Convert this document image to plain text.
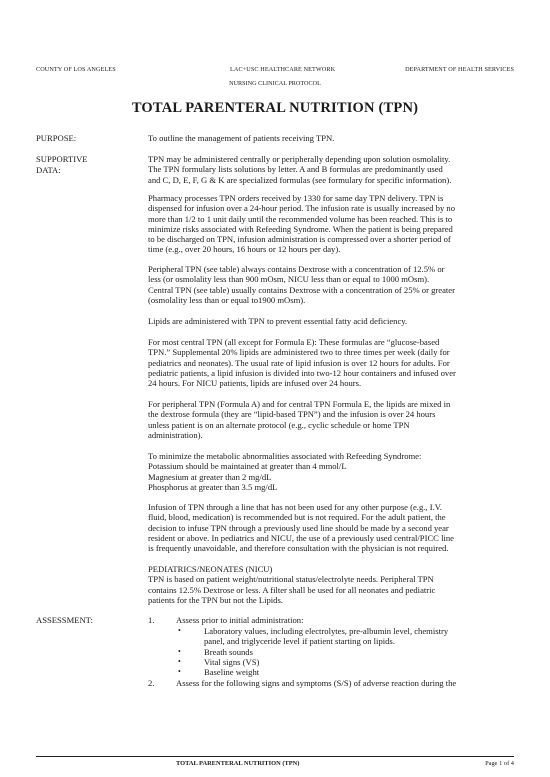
COUNTY OF LOS ANGELES	LAC+USC HEALTHCARE NETWORK	DEPARTMENT OF HEALTH SERVICES
NURSING CLINICAL PROTOCOL
TOTAL PARENTERAL NUTRITION (TPN)
PURPOSE:	To outline the management of patients receiving TPN.

SUPPORTIVE
DATA:

TPN may be administered centrally or peripherally depending upon solution osmolality.

The TPN formulary lists solutions by letter. A and B formulas are predominantly used

and C, D, E, F, G & K are specialized formulas (see formulary for specific information).

Pharmacy processes TPN orders received by 1330 for same day TPN delivery. TPN is

dispensed for infusion over a 24-hour period. The infusion rate is usually increased by no

more than 1/2 to 1 unit daily until the recommended volume has been reached. This is to

minimize risks associated with Refeeding Syndrome. When the patient is being prepared

to be discharged on TPN, infusion administration is compressed over a shorter period of

time (e.g., over 20 hours, 16 hours or 12 hours per day).

Peripheral TPN (see table) always contains Dextrose with a concentration of 12.5% or

less (or osmolality less than 900 mOsm, NICU less than or equal to 1000 mOsm).

Central TPN (see table) usually contains Dextrose with a concentration of 25% or greater

(osmolality less than or equal to1900 mOsm).

Lipids are administered with TPN to prevent essential fatty acid deficiency.

For most central TPN (all except for Formula E): These formulas are “glucose-based

TPN.” Supplemental 20% lipids are administered two to three times per week (daily for

pediatrics and neonates). The usual rate of lipid infusion is over 12 hours for adults. For

pediatric patients, a lipid infusion is divided into two-12 hour containers and infused over

24 hours. For NICU patients, lipids are infused over 24 hours.

For peripheral TPN (Formula A) and for central TPN Formula E, the lipids are mixed in

the dextrose formula (they are “lipid-based TPN”) and the infusion is over 24 hours

unless patient is on an alternate protocol (e.g., cyclic schedule or home TPN

administration).

To minimize the metabolic abnormalities associated with Refeeding Syndrome:

Potassium should be maintained at greater than 4 mmol/L

Magnesium at greater than 2 mg/dL

Phosphorus at greater than 3.5 mg/dL

Infusion of TPN through a line that has not been used for any other purpose (e.g., I.V.

fluid, blood, medication) is recommended but is not required. For the adult patient, the

decision to infuse TPN through a previously used line should be made by a second year

resident or above. In pediatrics and NICU, the use of a previously used central/PICC line

is frequently unavoidable, and therefore consultation with the physician is not required.

PEDIATRICS/NEONATES (NICU)

TPN is based on patient weight/nutritional status/electrolyte needs. Peripheral TPN

contains 12.5% Dextrose or less. A filter shall be used for all neonates and pediatric

patients for the TPN but not the Lipids.

ASSESSMENT:	1.	Assess prior to initial administration:
•	Laboratory values, including electrolytes, pre-albumin level, chemistry
panel, and triglyceride level if patient starting on lipids.
•	Breath sounds
•	Vital signs (VS)
•	Baseline weight
2.	Assess for the following signs and symptoms (S/S) of adverse reaction during the
TOTAL PARENTERAL NUTRITION (TPN)	Page 1 of 4
